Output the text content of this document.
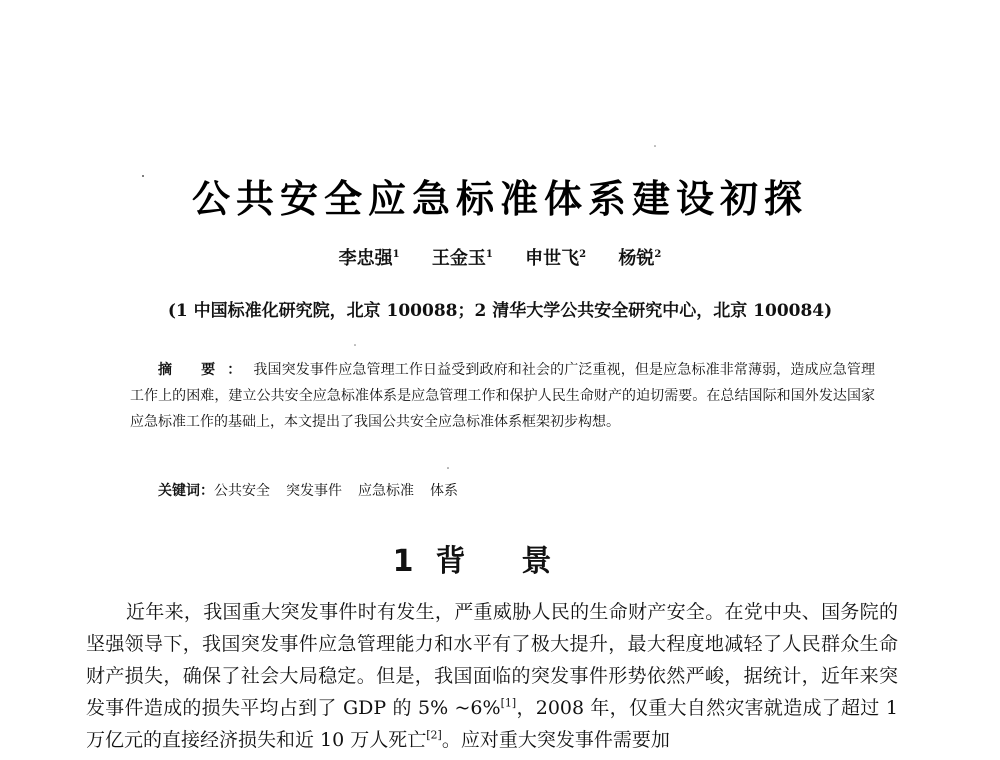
公共安全应急标准体系建设初探
李忠强$^1$ 王金玉$^1$ 申世飞$^2$ 杨锐$^2$
(1 中国标准化研究院，北京 100088；2 清华大学公共安全研究中心，北京 100084)

摘 要：我国突发事件应急管理工作日益受到政府和社会的广泛重视，但是应急标准非常薄弱，造成应急管理工作上的困难，建立公共安全应急标准体系是应急管理工作和保护人民生命财产的迫切需要。在总结国际和国外发达国家应急标准工作的基础上，本文提出了我国公共安全应急标准体系框架初步构想。

关键词：公共安全 突发事件 应急标准 体系
1 背景

近年来，我国重大突发事件时有发生，严重威胁人民的生命财产安全。在党中央、国务院的坚强领导下，我国突发事件应急管理能力和水平有了极大提升，最大程度地减轻了人民群众生命财产损失，确保了社会大局稳定。但是，我国面临的突发事件形势依然严峻，据统计，近年来突发事件造成的损失平均占到了 GDP 的 5% ~6%[1]，2008 年，仅重大自然灾害就造成了超过 1 万亿元的直接经济损失和近 10 万人死亡[2]。应对重大突发事件需要加
